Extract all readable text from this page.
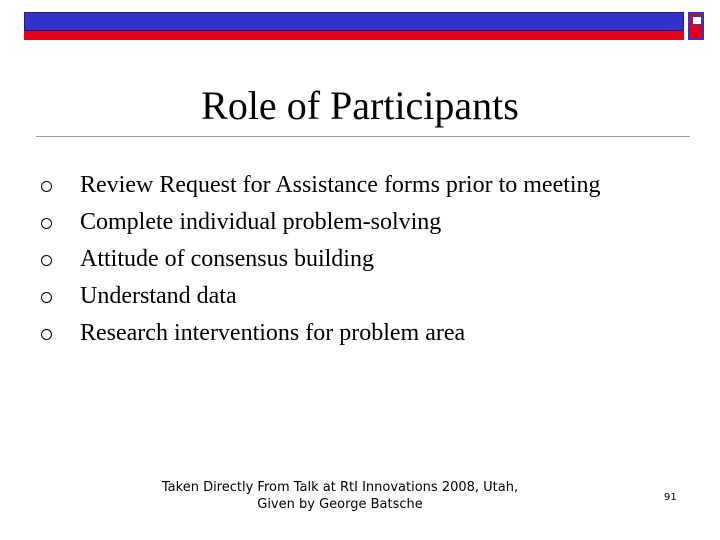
Role of Participants
Review Request for Assistance forms prior to meeting
Complete individual problem-solving
Attitude of consensus building
Understand data
Research interventions for problem area
Taken Directly From Talk at RtI Innovations 2008, Utah,
Given by George Batsche	91
